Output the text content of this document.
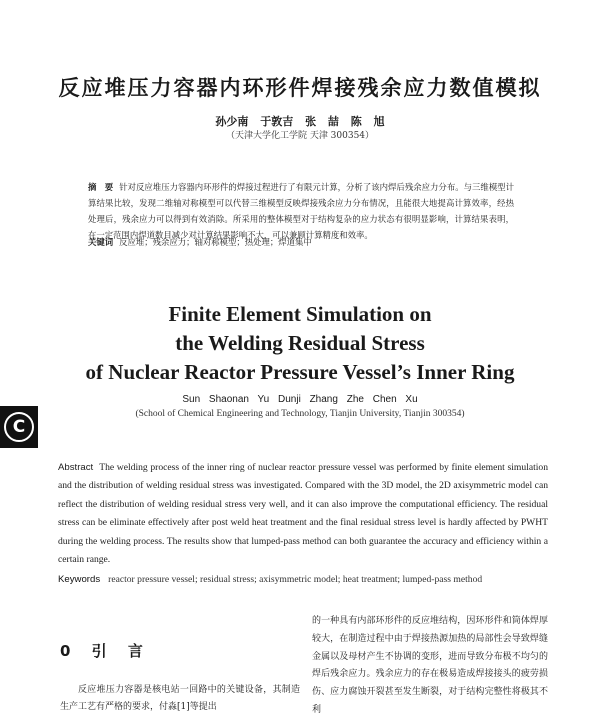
反应堆压力容器内环形件焊接残余应力数值模拟
孙少南 于敦吉 张 喆 陈 旭
（天津大学化工学院 天津 300354）
摘　要 针对反应堆压力容器内环形件的焊接过程进行了有限元计算，分析了该内焊后残余应力分布。与三维模型计算结果比较，发现二维轴对称模型可以代替三维模型反映焊接残余应力分布情况，且能很大地提高计算效率，经热处理后，残余应力可以得到有效消除。所采用的整体模型对于结构复杂的应力状态有很明显影响，计算结果表明，在一定范围内焊道数目减少对计算结果影响不大，可以兼顾计算精度和效率。
关键词 反应堆；残余应力；轴对称模型；热处理；焊道集中
Finite Element Simulation on
the Welding Residual Stress
of Nuclear Reactor Pressure Vessel’s Inner Ring
Sun Shaonan Yu Dunji Zhang Zhe Chen Xu
(School of Chemical Engineering and Technology, Tianjin University, Tianjin 300354)
C
Abstract The welding process of the inner ring of nuclear reactor pressure vessel was performed by finite element simulation and the distribution of welding residual stress was investigated. Compared with the 3D model, the 2D axisymmetric model can reflect the distribution of welding residual stress very well, and it can also improve the computational efficiency. The residual stress can be eliminate effectively after post weld heat treatment and the final residual stress level is hardly affected by PWHT during the welding process. The results show that lumped-pass method can both guarantee the accuracy and efficiency within a certain range.
Keywords reactor pressure vessel; residual stress; axisymmetric model; heat treatment; lumped-pass method
0 引 言
反应堆压力容器是核电站一回路中的关键设备，其制造生产工艺有严格的要求，付淼[1]等提出
的一种具有内部环形件的反应堆结构，因环形件和筒体焊厚较大，在制造过程中由于焊接热源加热的局部性会导致焊缝金属以及母材产生不协调的变形，进而导致分布极不均匀的焊后残余应力。残余应力的存在极易造成焊接接头的疲劳损伤、应力腐蚀开裂甚至发生断裂，对于结构完整性将极其不利
